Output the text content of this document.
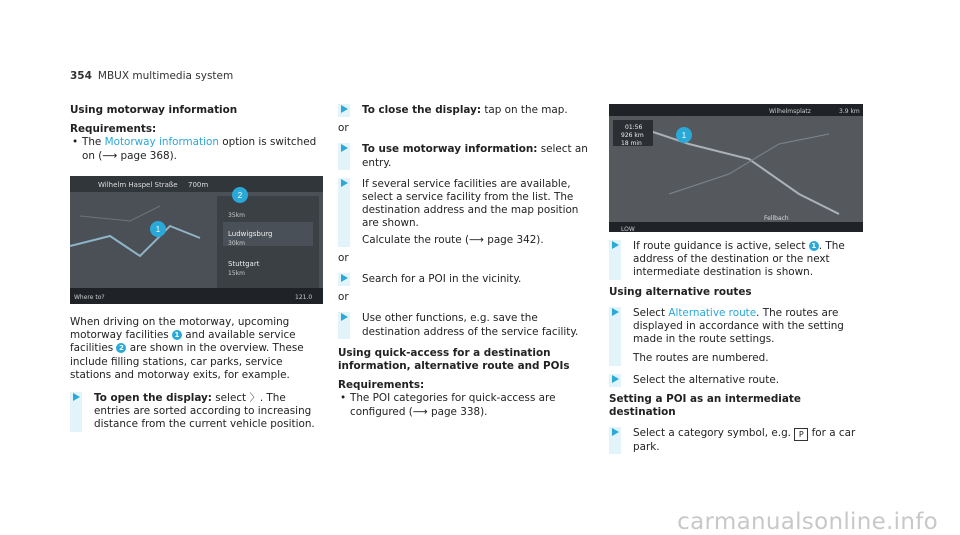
354 MBUX multimedia system

Using motorway information

Requirements:

• The Motorway information option is switched on (⟶ page 368).

1
2
Wilhelm Haspel Straße 700m
35km
Ludwigsburg
30km
Stuttgart
15km
Where to?	121.0

When driving on the motorway, upcoming motorway facilities 1 and available service facilities 2 are shown in the overview. These include filling stations, car parks, service stations and motorway exits, for example.

To open the display: select 〉. The entries are sorted according to increasing distance from the current vehicle position.
To close the display: tap on the map.

or

To use motorway information: select an entry.
If several service facilities are available, select a service facility from the list. The destination address and the map position are shown.
Calculate the route (⟶ page 342).

or

Search for a POI in the vicinity.

or

Use other functions, e.g. save the destination address of the service facility.

Using quick-access for a destination information, alternative route and POIs

Requirements:

• The POI categories for quick-access are configured (⟶ page 338).

1
Wilhelmsplatz	3.9 km
01:56
926 km
18 min
Fellbach
LOW
If route guidance is active, select 1 . The address of the destination or the next intermediate destination is shown.

Using alternative routes

Select Alternative route. The routes are displayed in accordance with the setting made in the route settings.

The routes are numbered.

Select the alternative route.

Setting a POI as an intermediate destination

Select a category symbol, e.g. P for a car park.
carmanualsonline.info
